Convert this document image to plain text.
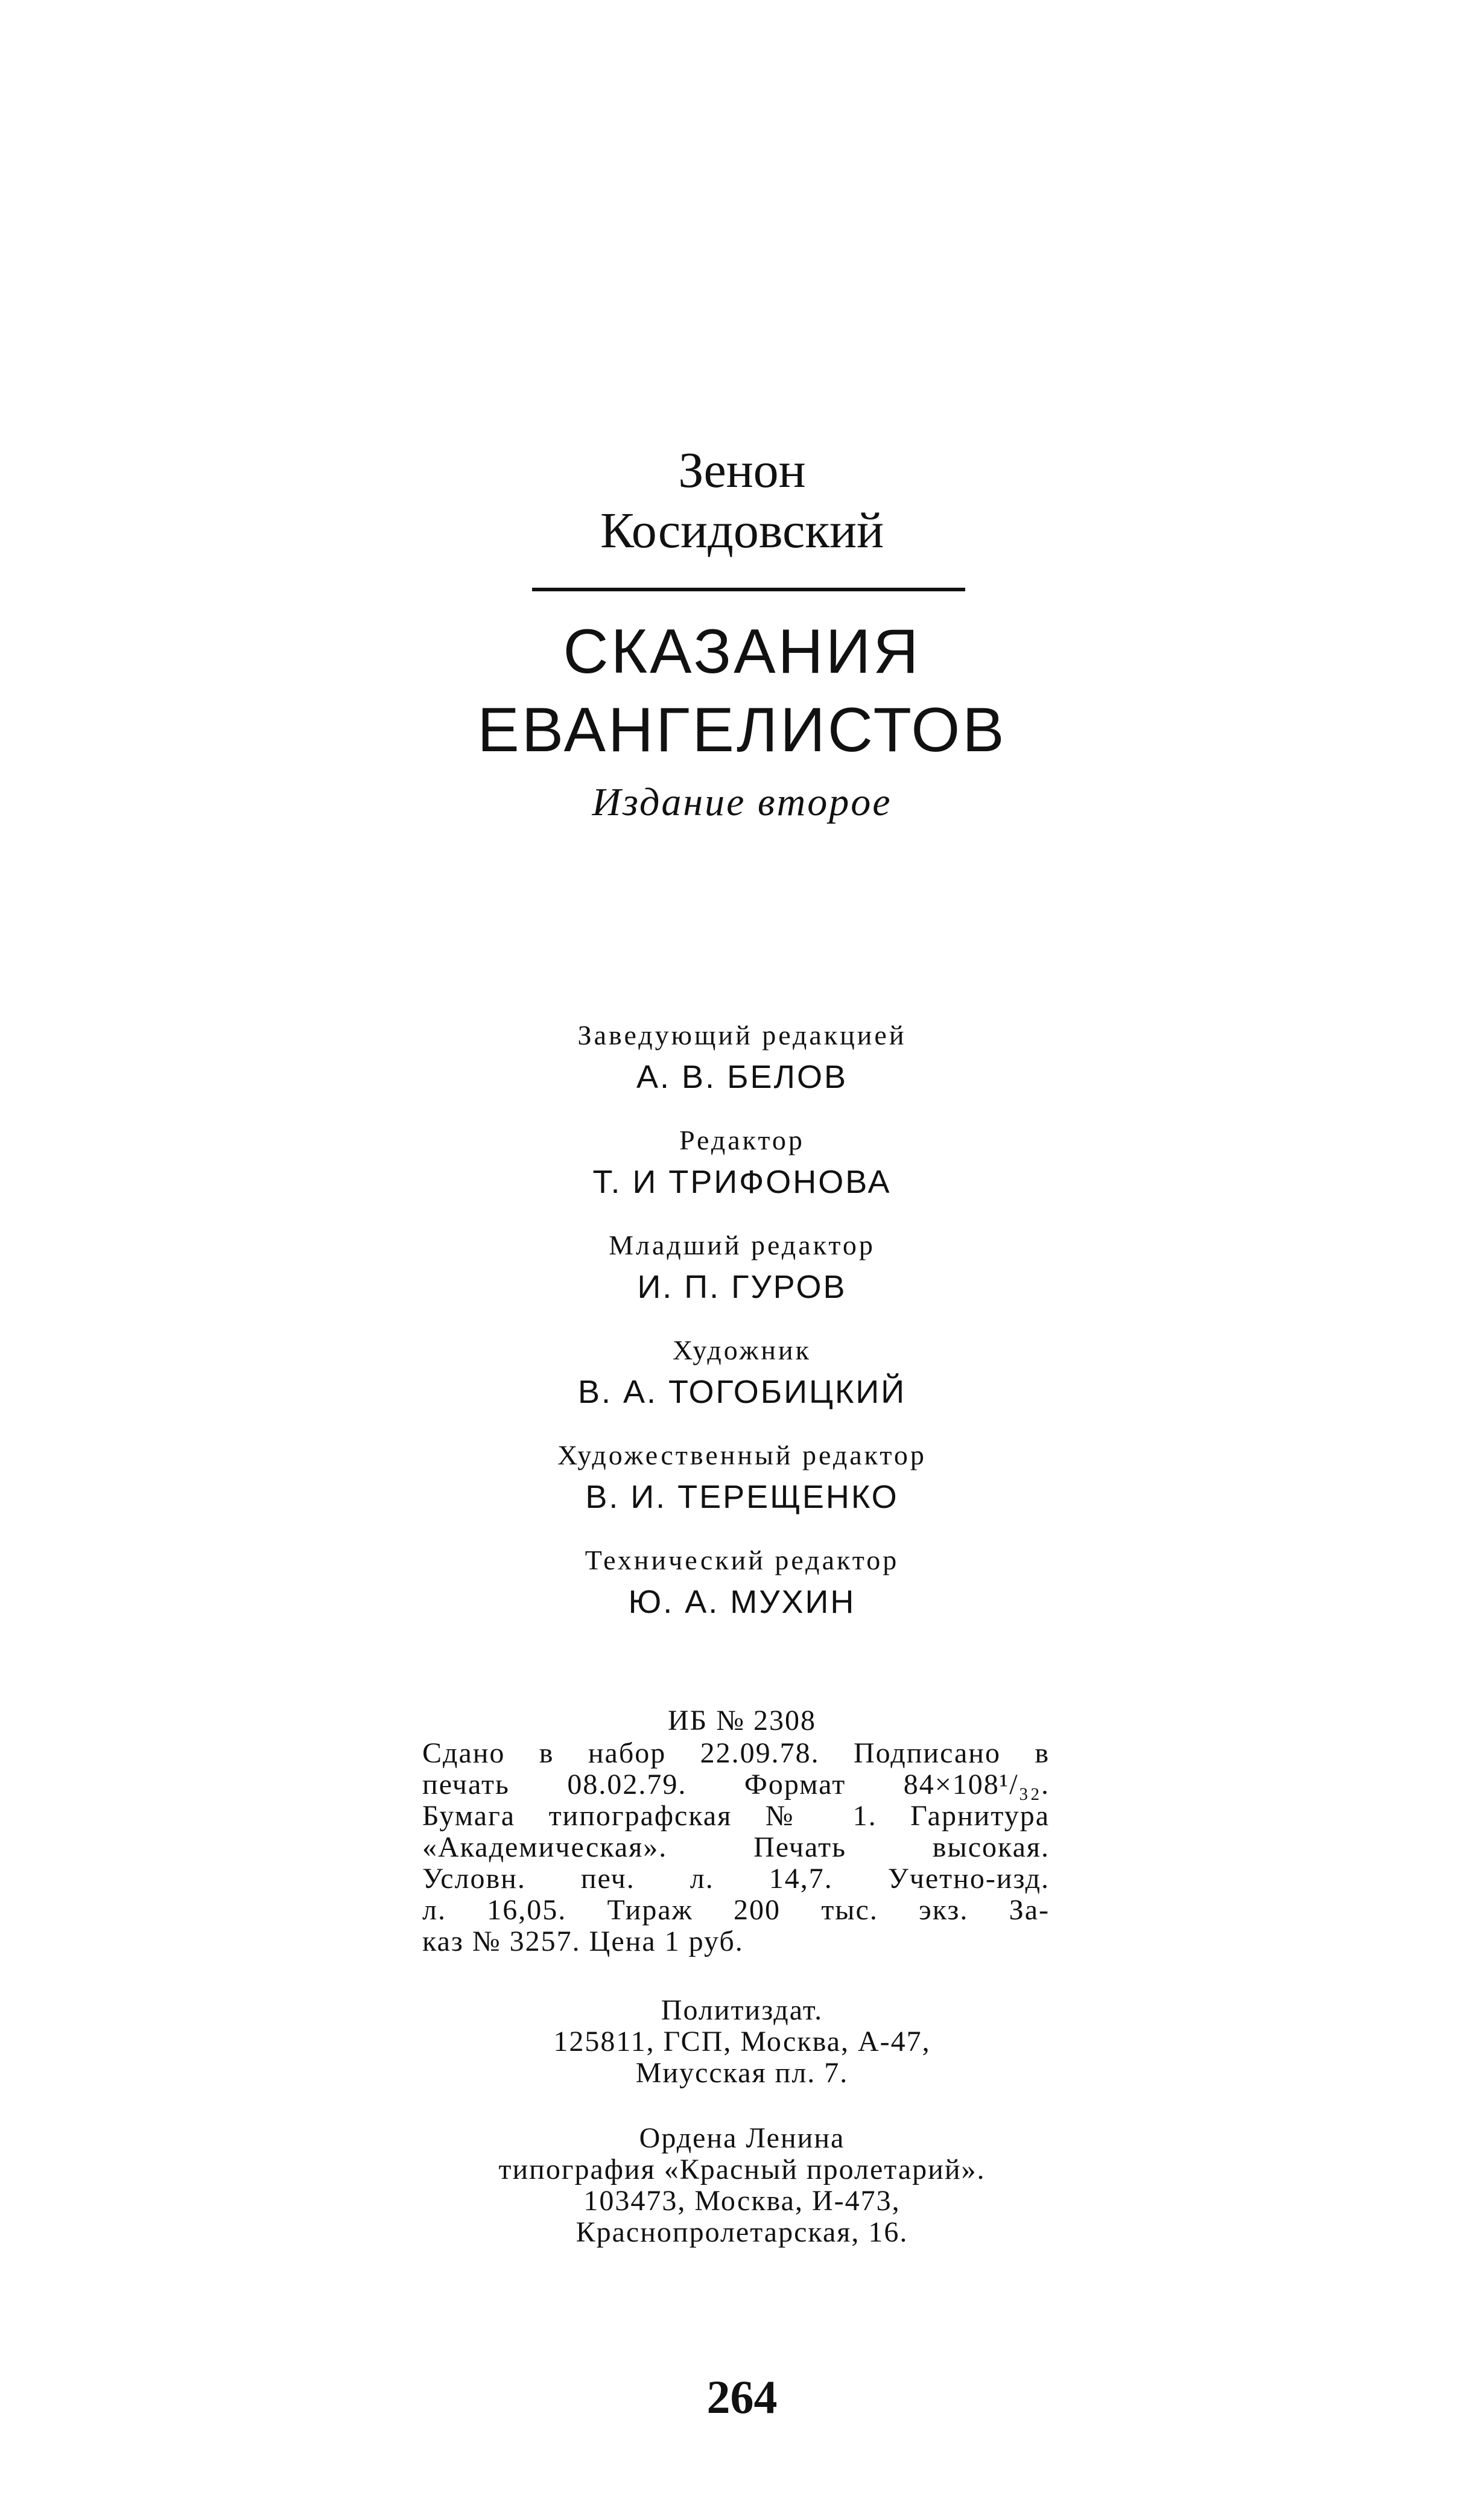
Зенон
Косидовский
СКАЗАНИЯ
ЕВАНГЕЛИСТОВ
Издание второе
Заведующий редакцией
А. В. БЕЛОВ
Редактор
Т. И ТРИФОНОВА
Младший редактор
И. П. ГУРОВ
Художник
В. А. ТОГОБИЦКИЙ
Художественный редактор
В. И. ТЕРЕЩЕНКО
Технический редактор
Ю. А. МУХИН
ИБ № 2308
Сдано в набор 22.09.78. Подписано в
печать 08.02.79. Формат 84×108¹/₃₂.
Бумага типографская № 1. Гарнитура
«Академическая». Печать высокая.
Условн. печ. л. 14,7. Учетно-изд.
л. 16,05. Тираж 200 тыс. экз. За-
каз № 3257. Цена 1 руб.
Политиздат.
125811, ГСП, Москва, А-47,
Миусская пл. 7.
Ордена Ленина
типография «Красный пролетарий».
103473, Москва, И-473,
Краснопролетарская, 16.
264
